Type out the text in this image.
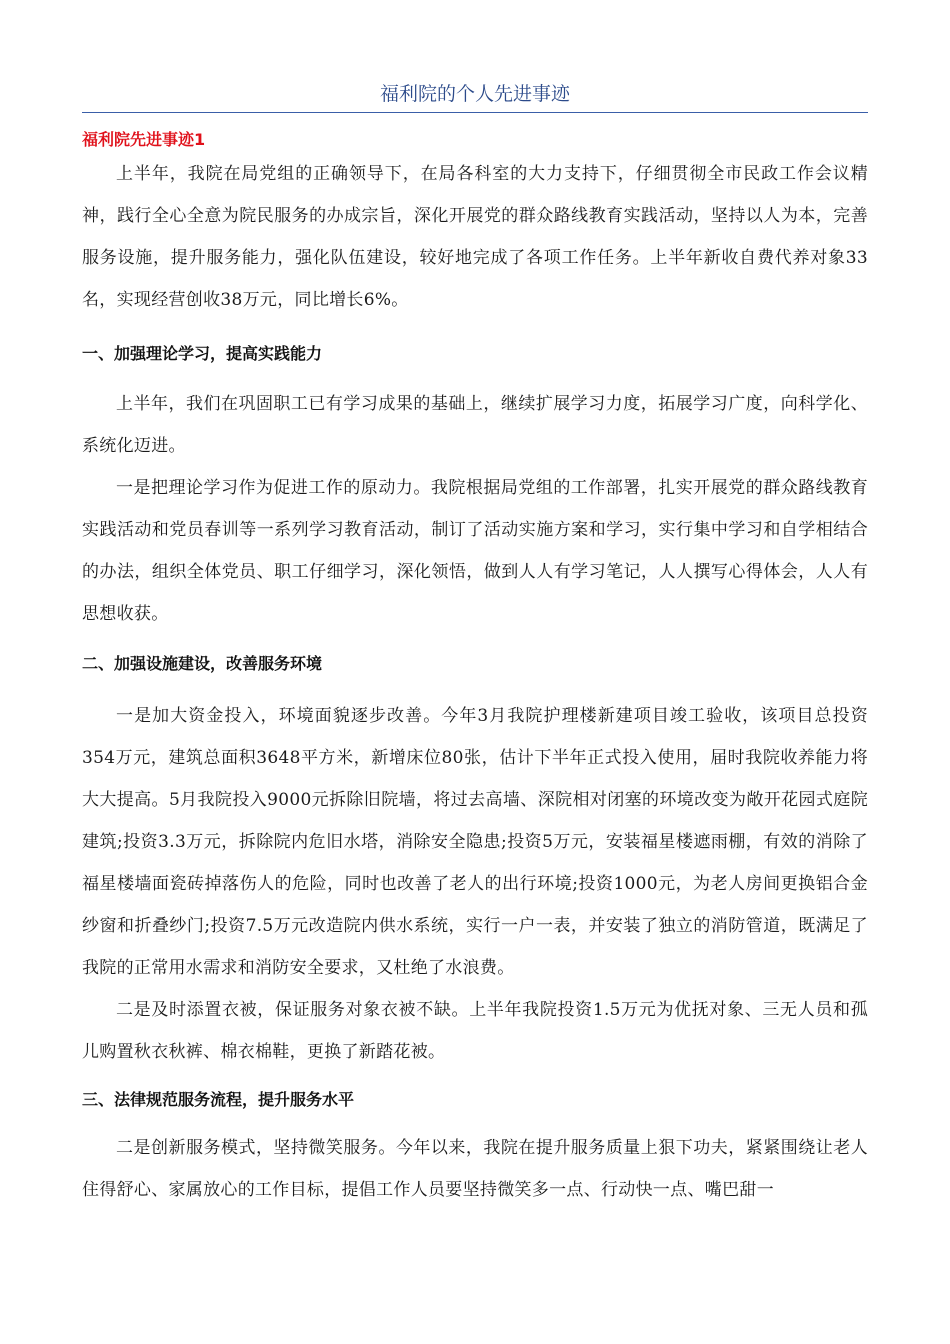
福利院的个人先进事迹
福利院先进事迹1

上半年，我院在局党组的正确领导下，在局各科室的大力支持下，仔细贯彻全市民政工作会议精神，践行全心全意为院民服务的办成宗旨，深化开展党的群众路线教育实践活动，坚持以人为本，完善服务设施，提升服务能力，强化队伍建设，较好地完成了各项工作任务。上半年新收自费代养对象33名，实现经营创收38万元，同比增长6%。

一、加强理论学习，提高实践能力

上半年，我们在巩固职工已有学习成果的基础上，继续扩展学习力度，拓展学习广度，向科学化、系统化迈进。

一是把理论学习作为促进工作的原动力。我院根据局党组的工作部署，扎实开展党的群众路线教育实践活动和党员春训等一系列学习教育活动，制订了活动实施方案和学习，实行集中学习和自学相结合的办法，组织全体党员、职工仔细学习，深化领悟，做到人人有学习笔记，人人撰写心得体会，人人有思想收获。

二、加强设施建设，改善服务环境

一是加大资金投入，环境面貌逐步改善。今年3月我院护理楼新建项目竣工验收，该项目总投资354万元，建筑总面积3648平方米，新增床位80张，估计下半年正式投入使用，届时我院收养能力将大大提高。5月我院投入9000元拆除旧院墙，将过去高墙、深院相对闭塞的环境改变为敞开花园式庭院建筑;投资3.3万元，拆除院内危旧水塔，消除安全隐患;投资5万元，安装福星楼遮雨棚，有效的消除了福星楼墙面瓷砖掉落伤人的危险，同时也改善了老人的出行环境;投资1000元，为老人房间更换铝合金纱窗和折叠纱门;投资7.5万元改造院内供水系统，实行一户一表，并安装了独立的消防管道，既满足了我院的正常用水需求和消防安全要求，又杜绝了水浪费。

二是及时添置衣被，保证服务对象衣被不缺。上半年我院投资1.5万元为优抚对象、三无人员和孤儿购置秋衣秋裤、棉衣棉鞋，更换了新踏花被。

三、法律规范服务流程，提升服务水平

二是创新服务模式，坚持微笑服务。今年以来，我院在提升服务质量上狠下功夫，紧紧围绕让老人住得舒心、家属放心的工作目标，提倡工作人员要坚持微笑多一点、行动快一点、嘴巴甜一
